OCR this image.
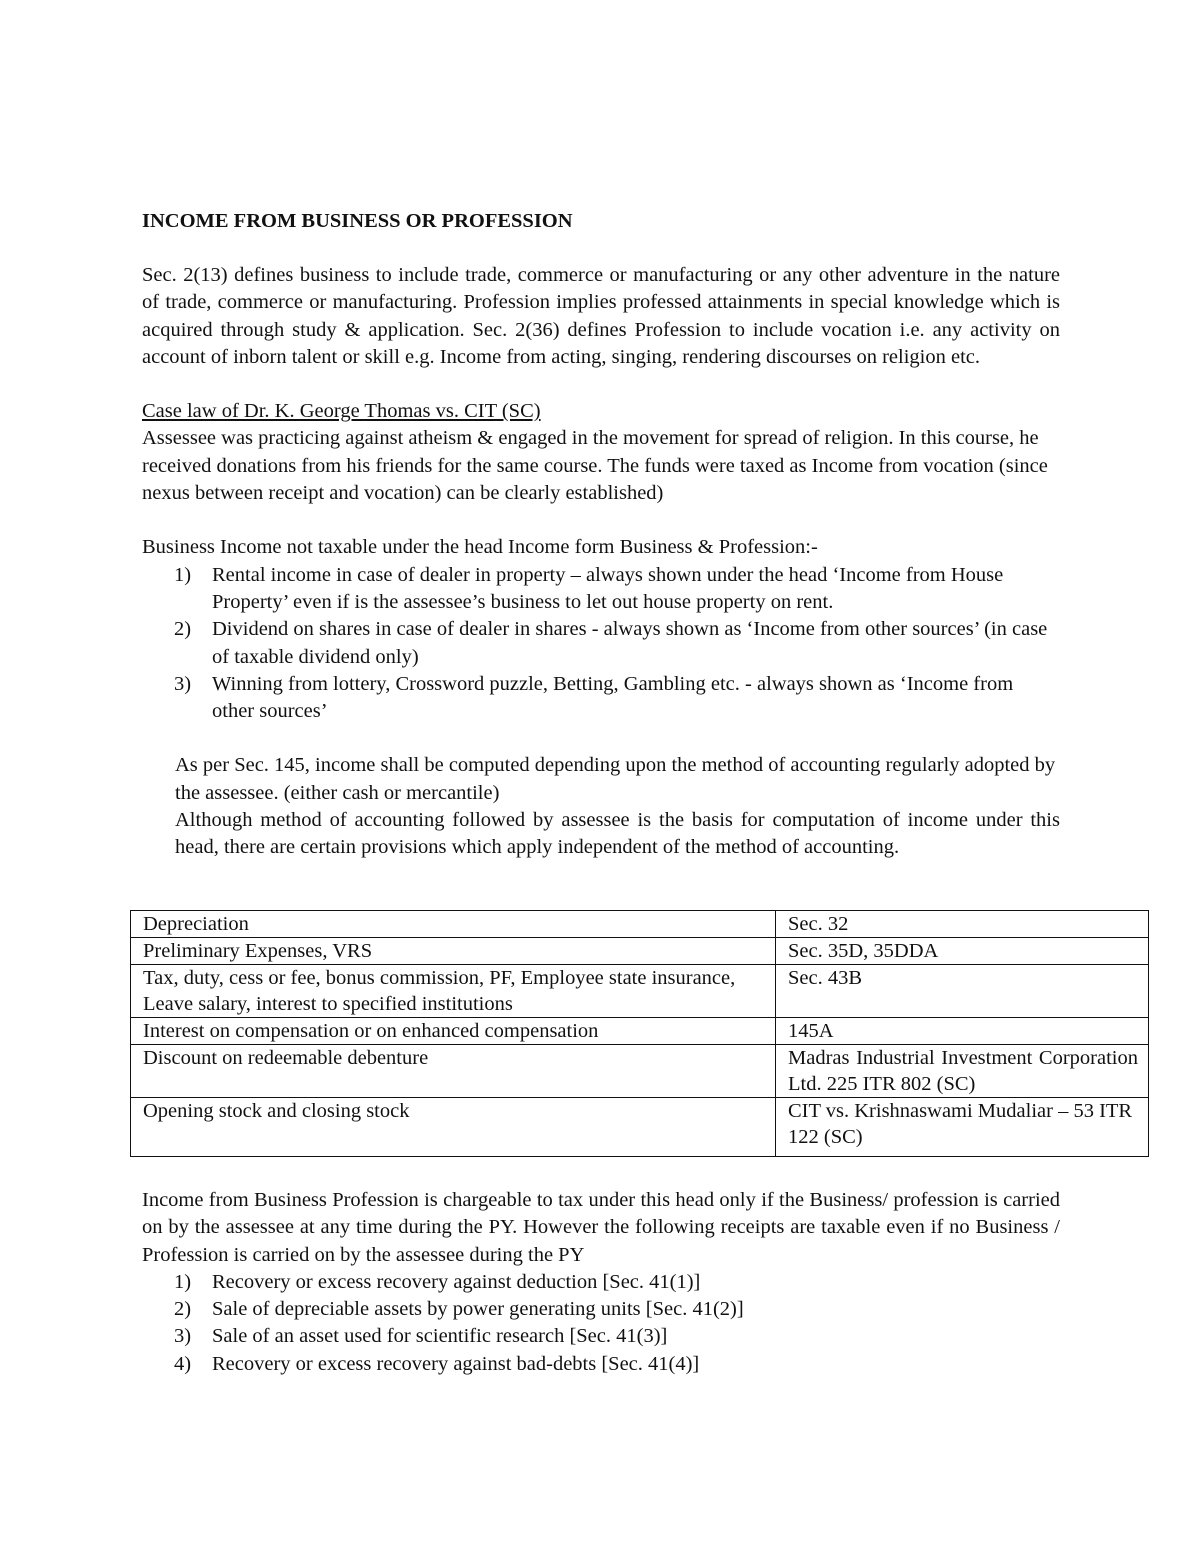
INCOME FROM BUSINESS OR PROFESSION

Sec. 2(13) defines business to include trade, commerce or manufacturing or any other adventure in the nature of trade, commerce or manufacturing. Profession implies professed attainments in special knowledge which is acquired through study & application. Sec. 2(36) defines Profession to include vocation i.e. any activity on account of inborn talent or skill e.g. Income from acting, singing, rendering discourses on religion etc.

Case law of Dr. K. George Thomas vs. CIT (SC)

Assessee was practicing against atheism & engaged in the movement for spread of religion. In this course, he received donations from his friends for the same course. The funds were taxed as Income from vocation (since nexus between receipt and vocation) can be clearly established)

Business Income not taxable under the head Income form Business & Profession:-

1) Rental income in case of dealer in property – always shown under the head ‘Income from House Property’ even if is the assessee’s business to let out house property on rent.
2) Dividend on shares in case of dealer in shares - always shown as ‘Income from other sources’ (in case of taxable dividend only)
3) Winning from lottery, Crossword puzzle, Betting, Gambling etc. - always shown as ‘Income from other sources’

As per Sec. 145, income shall be computed depending upon the method of accounting regularly adopted by the assessee. (either cash or mercantile)

Although method of accounting followed by assessee is the basis for computation of income under this head, there are certain provisions which apply independent of the method of accounting.

Depreciation	Sec. 32
Preliminary Expenses, VRS	Sec. 35D, 35DDA
Tax, duty, cess or fee, bonus commission, PF, Employee state insurance, Leave salary, interest to specified institutions	Sec. 43B
Interest on compensation or on enhanced compensation	145A
Discount on redeemable debenture	Madras Industrial Investment Corporation Ltd. 225 ITR 802 (SC)
Opening stock and closing stock	CIT vs. Krishnaswami Mudaliar – 53 ITR 122 (SC)

Income from Business Profession is chargeable to tax under this head only if the Business/ profession is carried on by the assessee at any time during the PY. However the following receipts are taxable even if no Business / Profession is carried on by the assessee during the PY

1) Recovery or excess recovery against deduction [Sec. 41(1)]
2) Sale of depreciable assets by power generating units [Sec. 41(2)]
3) Sale of an asset used for scientific research [Sec. 41(3)]
4) Recovery or excess recovery against bad-debts [Sec. 41(4)]
